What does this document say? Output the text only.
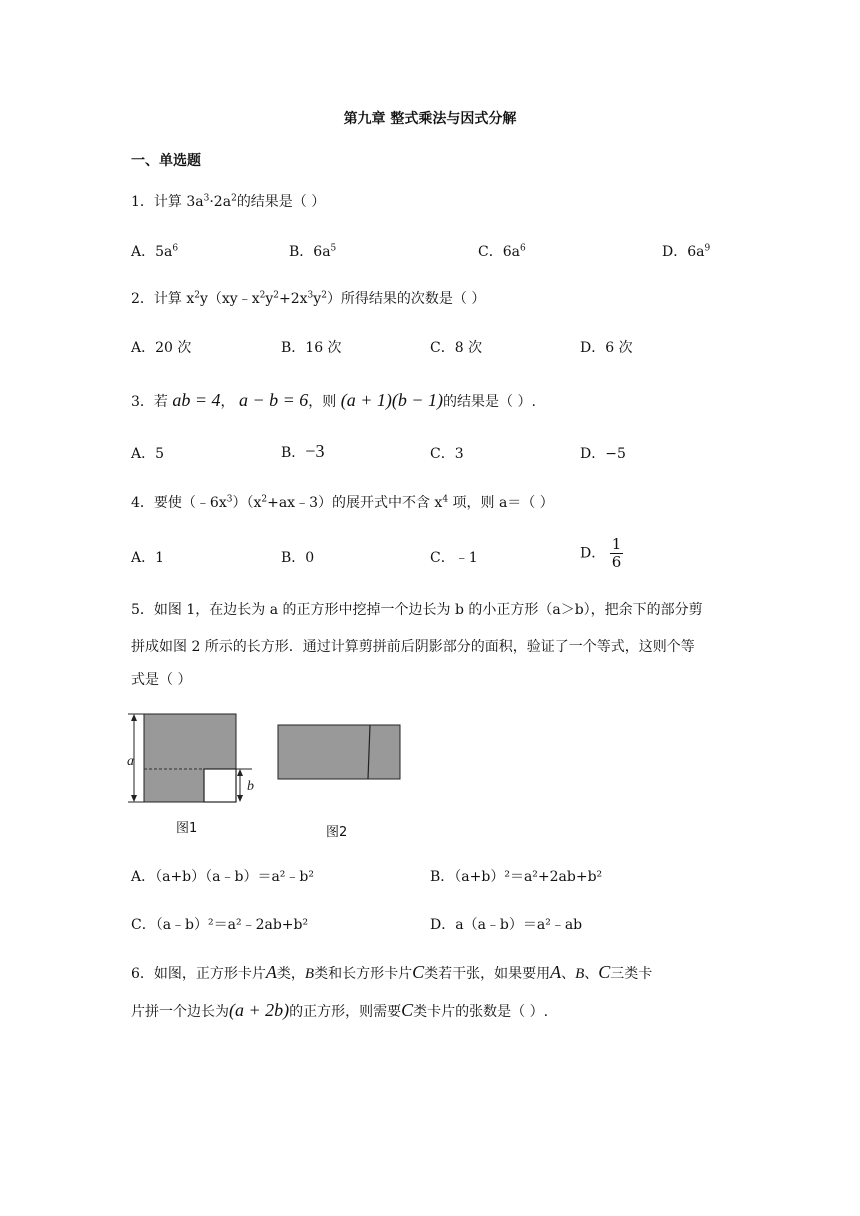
第九章 整式乘法与因式分解
一、单选题
1．计算 $3a^3\cdot 2a^2$的结果是（ ）
A．$5a^6$	B．$6a^5$	C．$6a^6$	D．$6a^9$
2．计算 $x^2y(xy﹣x^2y^2+2x^3y^2)$所得结果的次数是（ ）
A．20 次	B．16 次	C．8 次	D．6 次
3．若 ab = 4， a − b = 6，则 (a + 1)(b − 1)的结果是（ ）.
A．5	B．−3	C．3	D．−5
4．要使$(﹣6x^3)(x^2+ax﹣3)$的展开式中不含 $x^4$ 项，则 a＝（ ）
A．1	B．0	C．﹣1	D． $\frac{1}{6}$
5．如图 1，在边长为 a 的正方形中挖掉一个边长为 b 的小正方形（a＞b），把余下的部分剪
拼成如图 2 所示的长方形．通过计算剪拼前后阴影部分的面积，验证了一个等式，这则个等
式是（ ）
a
b
图1	图2
A．（a+b）（a﹣b）＝a²﹣b²	B．（a+b）²＝a²+2ab+b²
C．（a﹣b）²＝a²﹣2ab+b²	D．a（a﹣b）＝a²﹣ab
6．如图，正方形卡片A类，B类和长方形卡片C类若干张，如果要用A、B、C三类卡
片拼一个边长为(a + 2b)的正方形，则需要C类卡片的张数是（ ）.
